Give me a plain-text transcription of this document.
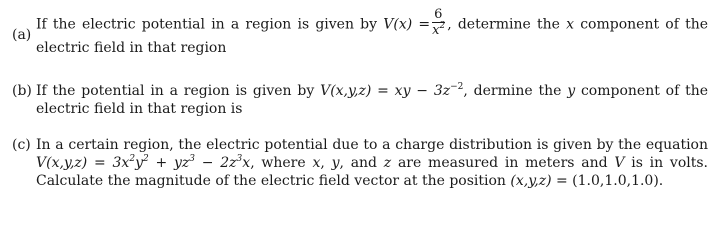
(a)
If the electric potential in a region is given by $V(x) = \frac{6}{x^2}$ , determine the x component of the
electric field in that region
(b) If the potential in a region is given by V(x,y,z) = xy − $3z^{-2}$, dermine the y component of the
electric field in that region is
(c) In a certain region, the electric potential due to a charge distribution is given by the equation
$V(x,y,z) = 3x^2y^2 + yz^3 - 2z^3x$, where x, y, and z are measured in meters and V is in volts.
Calculate the magnitude of the electric field vector at the position (x,y,z) = (1.0,1.0,1.0).
